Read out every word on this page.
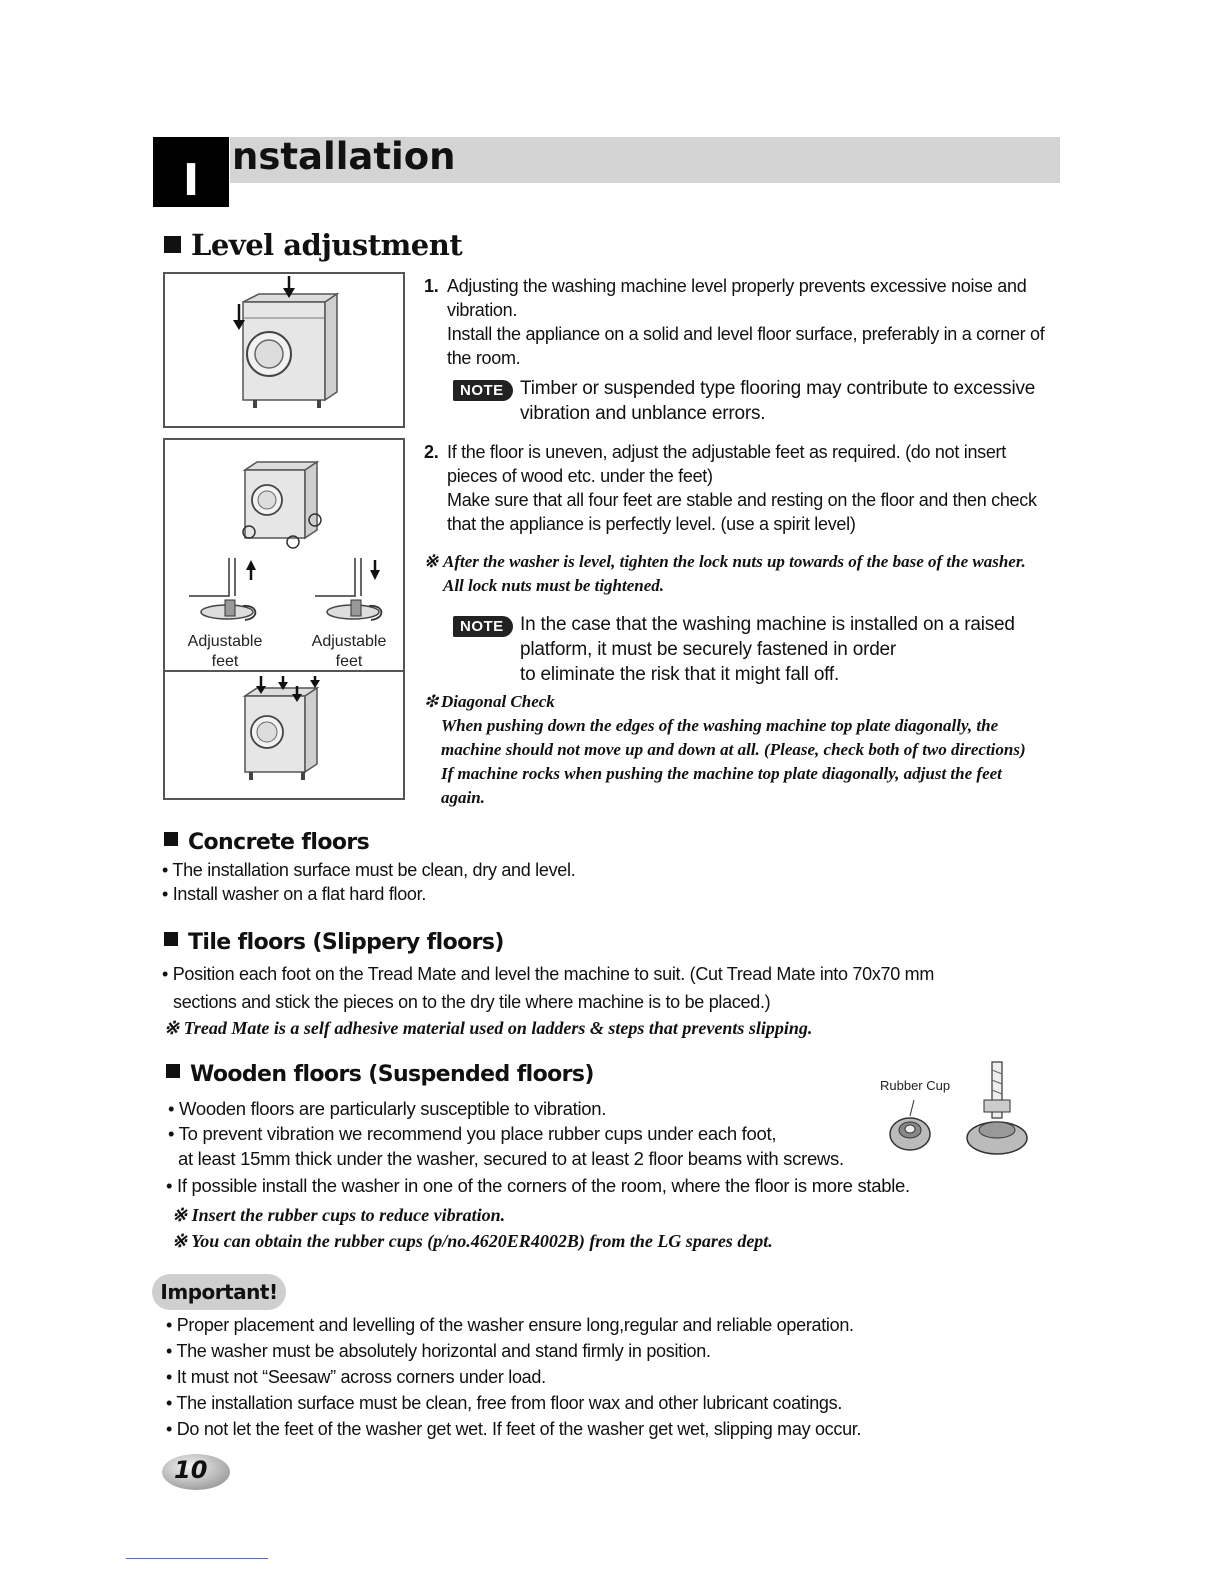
I nstallation
Level adjustment
Adjustable
feet
Adjustable
feet
1. Adjusting the washing machine level properly prevents excessive noise and
vibration.
Install the appliance on a solid and level floor surface, preferably in a corner of
the room.
NOTE Timber or suspended type flooring may contribute to excessive
vibration and unblance errors.
2. If the floor is uneven, adjust the adjustable feet as required. (do not insert
pieces of wood etc. under the feet)
Make sure that all four feet are stable and resting on the floor and then check
that the appliance is perfectly level. (use a spirit level)
※ After the washer is level, tighten the lock nuts up towards of the base of the washer.
All lock nuts must be tightened.
NOTE In the case that the washing machine is installed on a raised
platform, it must be securely fastened in order
to eliminate the risk that it might fall off.
❇ Diagonal Check
When pushing down the edges of the washing machine top plate diagonally, the
machine should not move up and down at all. (Please, check both of two directions)
If machine rocks when pushing the machine top plate diagonally, adjust the feet
again.
Concrete floors
• The installation surface must be clean, dry and level.
• Install washer on a flat hard floor.
Tile floors (Slippery floors)
• Position each foot on the Tread Mate and level the machine to suit. (Cut Tread Mate into 70x70 mm
sections and stick the pieces on to the dry tile where machine is to be placed.)
※ Tread Mate is a self adhesive material used on ladders & steps that prevents slipping.
Wooden floors (Suspended floors)	Rubber Cup
• Wooden floors are particularly susceptible to vibration.
• To prevent vibration we recommend you place rubber cups under each foot,
at least 15mm thick under the washer, secured to at least 2 floor beams with screws.
• If possible install the washer in one of the corners of the room, where the floor is more stable.
※ Insert the rubber cups to reduce vibration.
※ You can obtain the rubber cups (p/no.4620ER4002B) from the LG spares dept.
Important!
• Proper placement and levelling of the washer ensure long,regular and reliable operation.
• The washer must be absolutely horizontal and stand firmly in position.
• It must not “Seesaw” across corners under load.
• The installation surface must be clean, free from floor wax and other lubricant coatings.
• Do not let the feet of the washer get wet. If feet of the washer get wet, slipping may occur.
10
